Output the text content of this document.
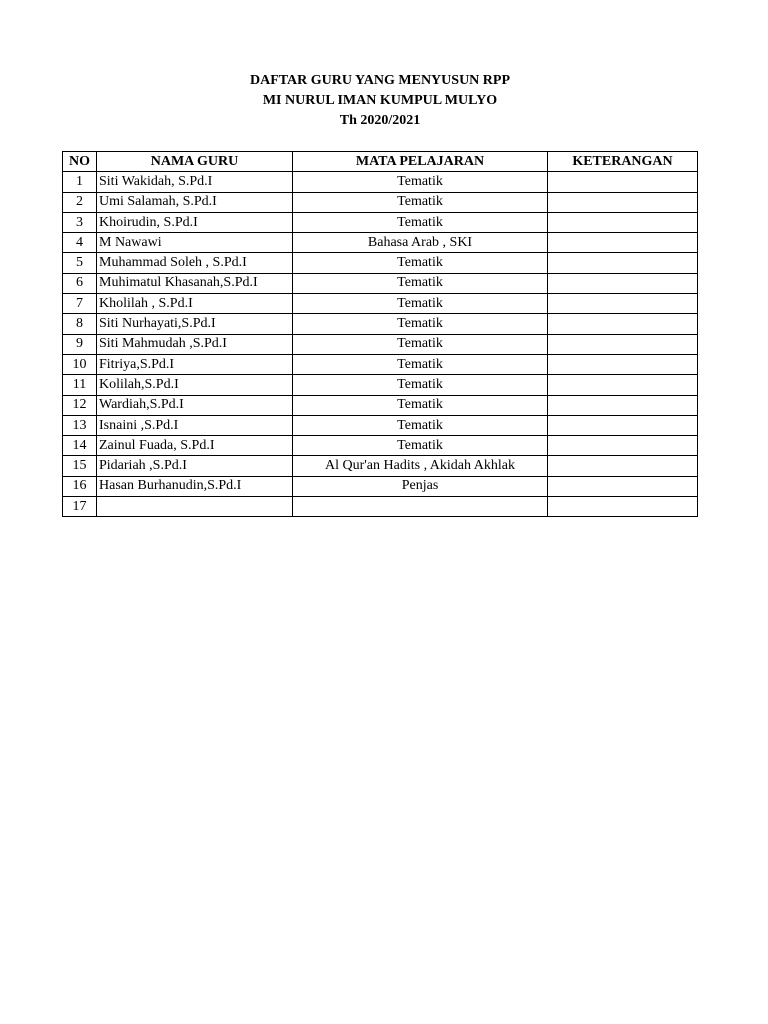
DAFTAR GURU YANG MENYUSUN RPP
MI NURUL IMAN KUMPUL MULYO
Th 2020/2021
NO	NAMA GURU	MATA PELAJARAN	KETERANGAN
1	Siti Wakidah, S.Pd.I	Tematik	
2	Umi Salamah, S.Pd.I	Tematik	
3	Khoirudin, S.Pd.I	Tematik	
4	M Nawawi	Bahasa Arab , SKI	
5	Muhammad Soleh , S.Pd.I	Tematik	
6	Muhimatul Khasanah,S.Pd.I	Tematik	
7	Kholilah , S.Pd.I	Tematik	
8	Siti Nurhayati,S.Pd.I	Tematik	
9	Siti Mahmudah ,S.Pd.I	Tematik	
10	Fitriya,S.Pd.I	Tematik	
11	Kolilah,S.Pd.I	Tematik	
12	Wardiah,S.Pd.I	Tematik	
13	Isnaini ,S.Pd.I	Tematik	
14	Zainul Fuada, S.Pd.I	Tematik	
15	Pidariah ,S.Pd.I	Al Qur'an Hadits , Akidah Akhlak	
16	Hasan Burhanudin,S.Pd.I	Penjas	
17			
